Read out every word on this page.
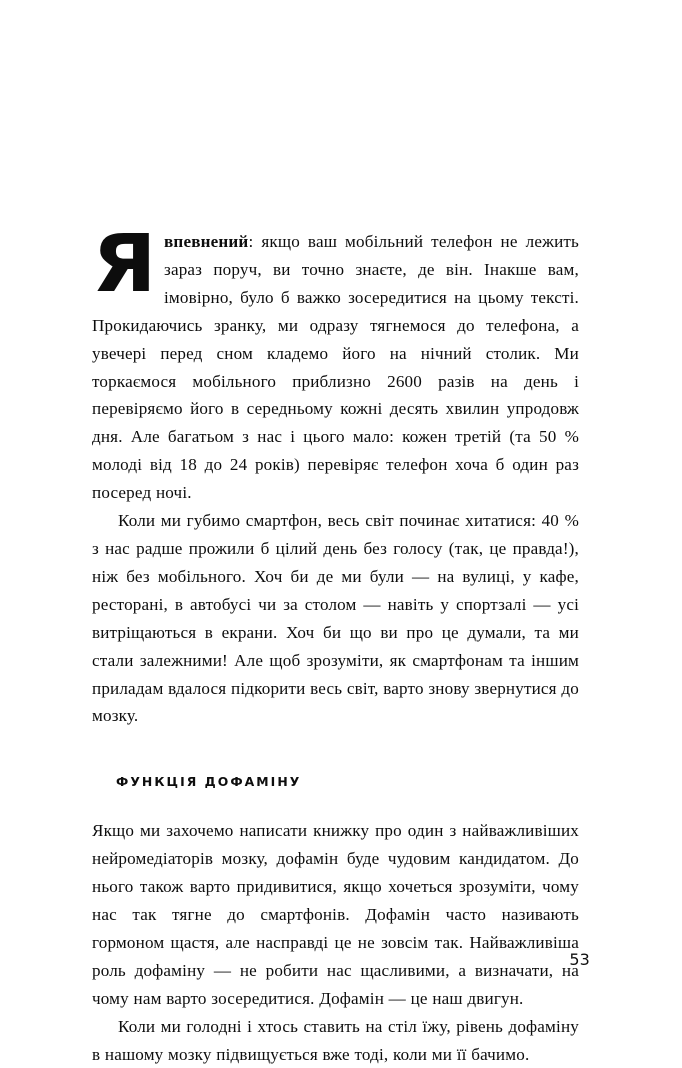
Явпевнений: якщо ваш мобільний телефон не лежить зараз поруч, ви точно знаєте, де він. Інакше вам, імовірно, було б важко зосередитися на цьому тексті. Прокидаючись зранку, ми одразу тягнемося до телефона, а увечері перед сном кладемо його на нічний столик. Ми торкаємося мобільного приблизно 2600 разів на день і перевіряємо його в середньому кожні десять хвилин упродовж дня. Але багатьом з нас і цього мало: кожен третій (та 50 % молоді від 18 до 24 років) перевіряє телефон хоча б один раз посеред ночі.

Коли ми губимо смартфон, весь світ починає хитатися: 40 % з нас радше прожили б цілий день без голосу (так, це правда!), ніж без мобільного. Хоч би де ми були — на вулиці, у кафе, ресторані, в автобусі чи за столом — навіть у спортзалі — усі витріщаються в екрани. Хоч би що ви про це думали, та ми стали залежними! Але щоб зрозуміти, як смартфонам та іншим приладам вдалося підкорити весь світ, варто знову звернутися до мозку.

ФУНКЦІЯ ДОФАМІНУ

Якщо ми захочемо написати книжку про один з найважливіших нейромедіаторів мозку, дофамін буде чудовим кандидатом. До нього також варто придивитися, якщо хочеться зрозуміти, чому нас так тягне до смартфонів. Дофамін часто називають гормоном щастя, але насправді це не зовсім так. Найважливіша роль дофаміну — не робити нас щасливими, а визначати, на чому нам варто зосередитися. Дофамін — це наш двигун.

Коли ми голодні і хтось ставить на стіл їжу, рівень дофаміну в нашому мозку підвищується вже тоді, коли ми її бачимо.

53
